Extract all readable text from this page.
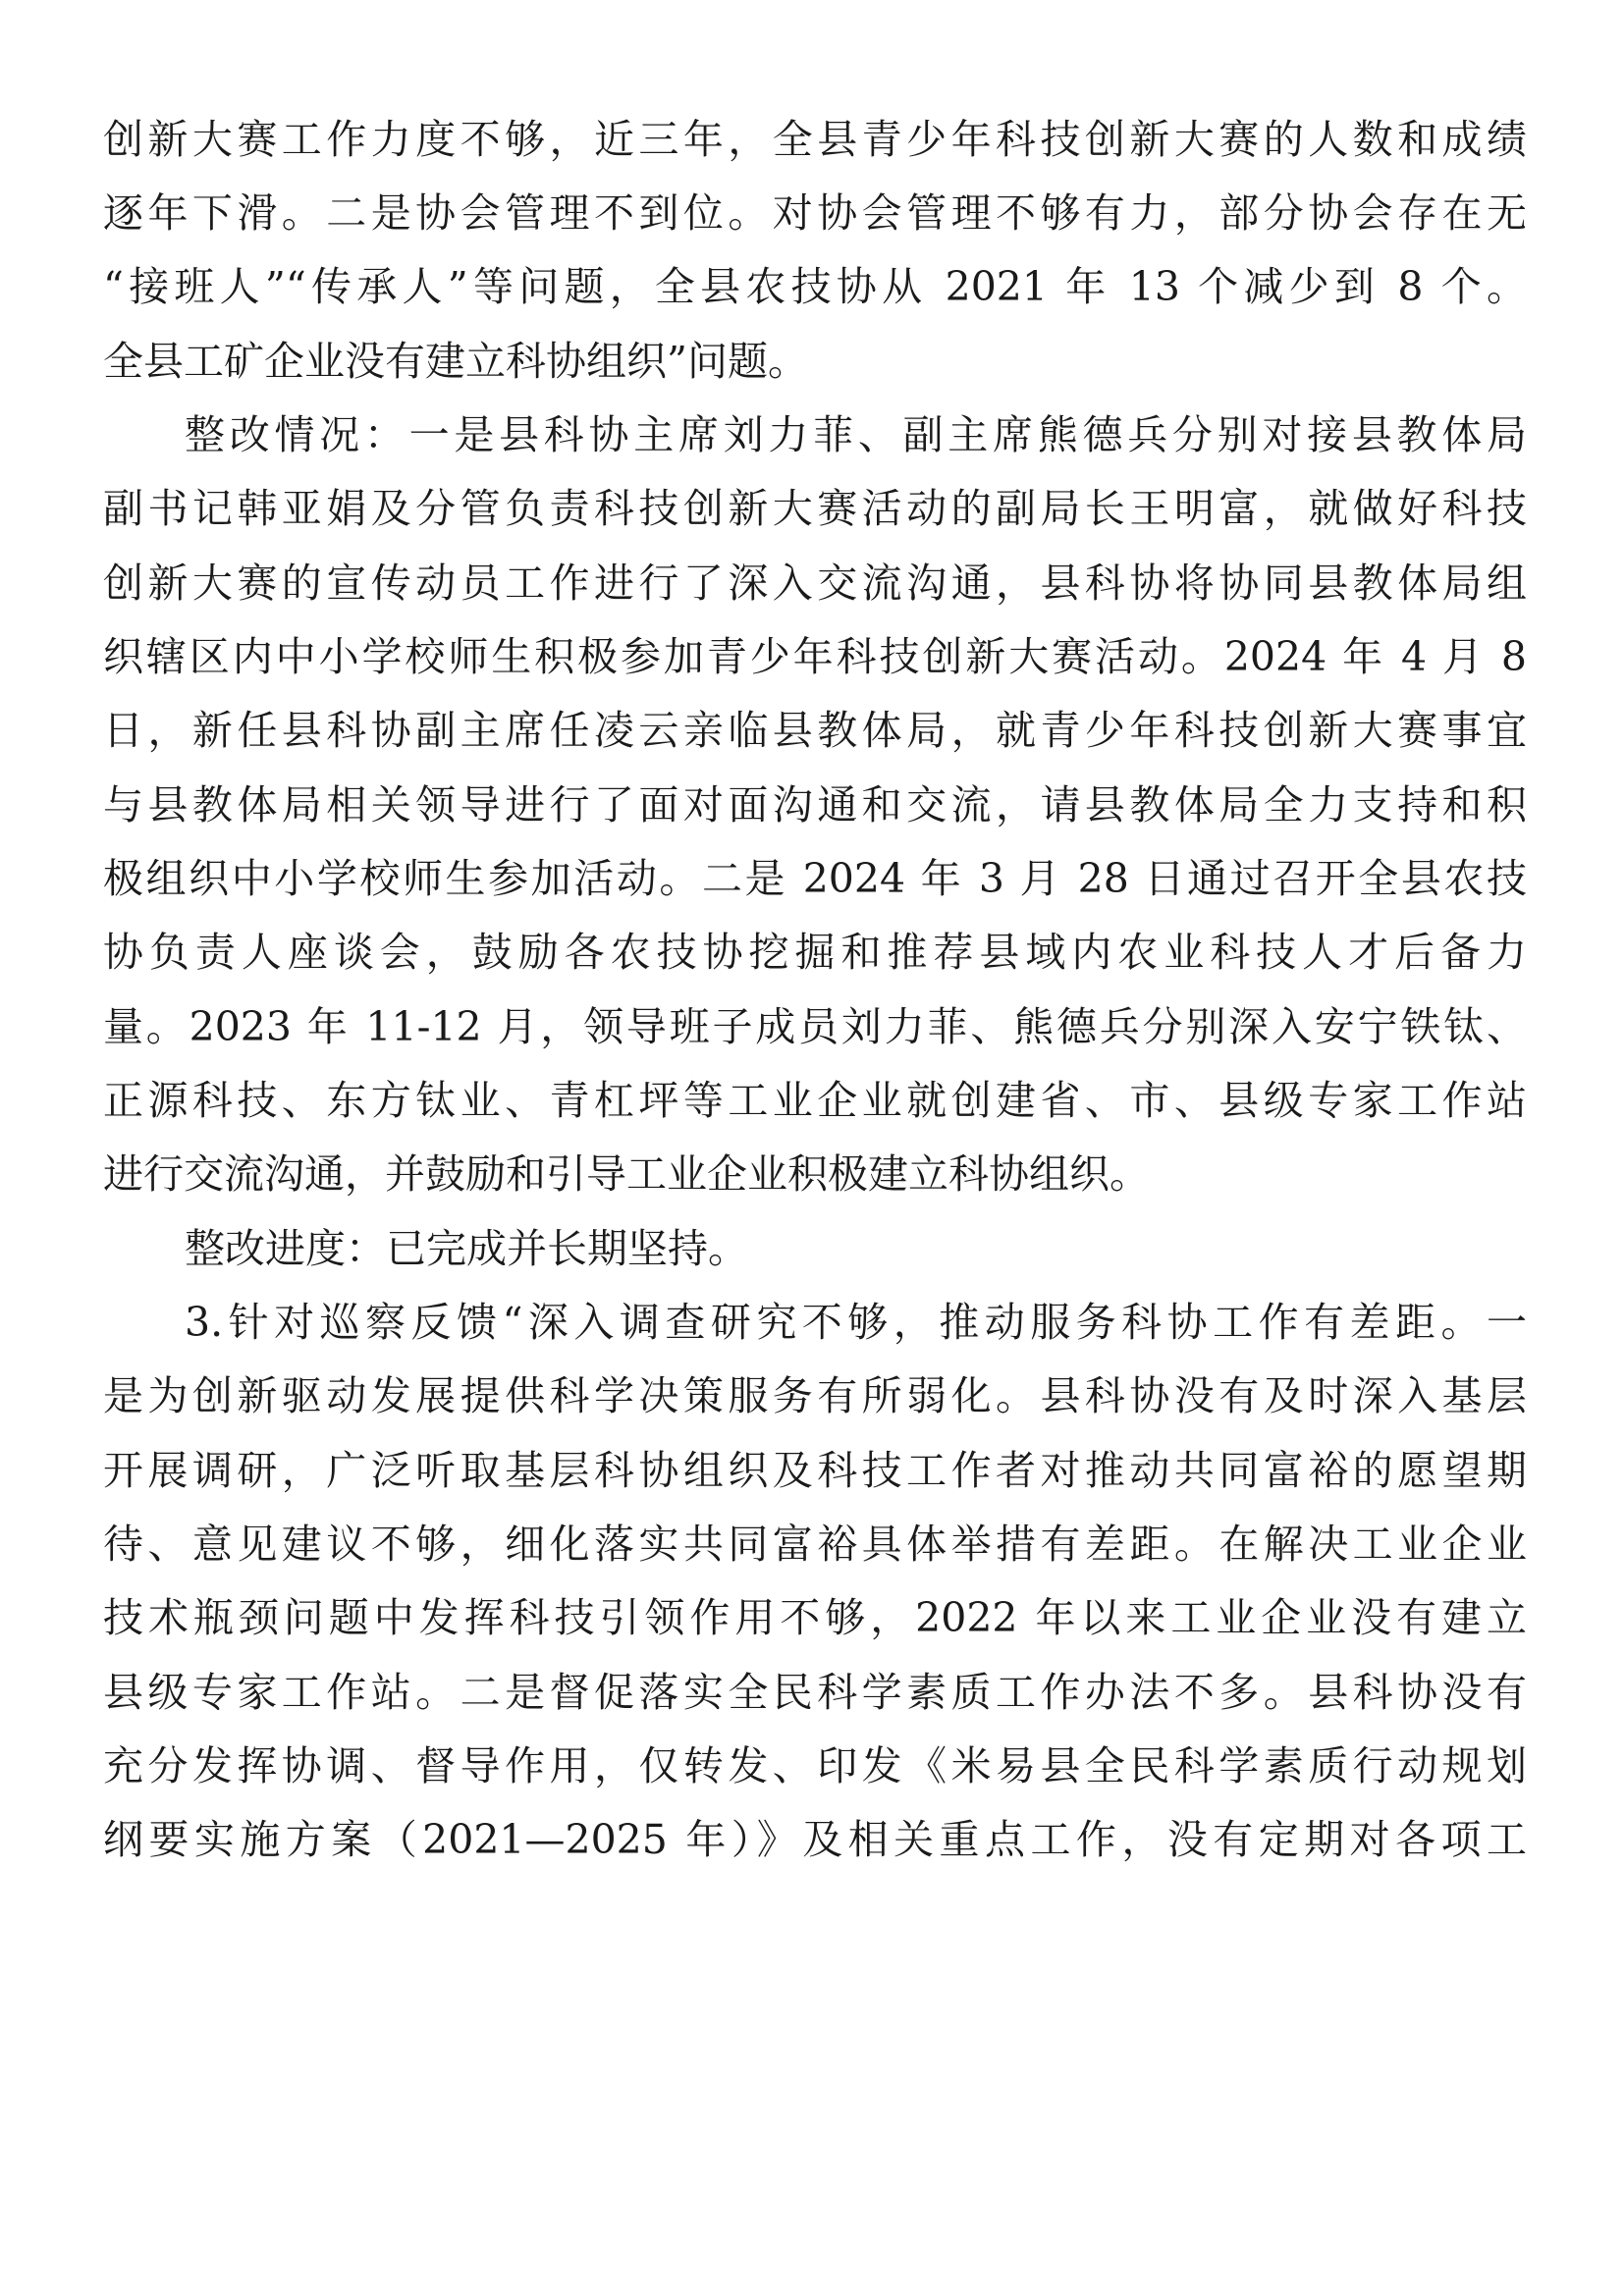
创新大赛工作力度不够，近三年，全县青少年科技创新大赛的人数和成绩

逐年下滑。二是协会管理不到位。对协会管理不够有力，部分协会存在无

“接班人”“传承人”等问题，全县农技协从 2021 年 13 个减少到 8 个。

全县工矿企业没有建立科协组织”问题。

整改情况：一是县科协主席刘力菲、副主席熊德兵分别对接县教体局

副书记韩亚娟及分管负责科技创新大赛活动的副局长王明富，就做好科技

创新大赛的宣传动员工作进行了深入交流沟通，县科协将协同县教体局组

织辖区内中小学校师生积极参加青少年科技创新大赛活动。2024 年 4 月 8

日，新任县科协副主席任凌云亲临县教体局，就青少年科技创新大赛事宜

与县教体局相关领导进行了面对面沟通和交流，请县教体局全力支持和积

极组织中小学校师生参加活动。二是 2024 年 3 月 28 日通过召开全县农技

协负责人座谈会，鼓励各农技协挖掘和推荐县域内农业科技人才后备力

量。2023 年 11-12 月，领导班子成员刘力菲、熊德兵分别深入安宁铁钛、

正源科技、东方钛业、青杠坪等工业企业就创建省、市、县级专家工作站

进行交流沟通，并鼓励和引导工业企业积极建立科协组织。

整改进度：已完成并长期坚持。

3.针对巡察反馈“深入调查研究不够，推动服务科协工作有差距。一

是为创新驱动发展提供科学决策服务有所弱化。县科协没有及时深入基层

开展调研，广泛听取基层科协组织及科技工作者对推动共同富裕的愿望期

待、意见建议不够，细化落实共同富裕具体举措有差距。在解决工业企业

技术瓶颈问题中发挥科技引领作用不够，2022 年以来工业企业没有建立

县级专家工作站。二是督促落实全民科学素质工作办法不多。县科协没有

充分发挥协调、督导作用，仅转发、印发《米易县全民科学素质行动规划

纲要实施方案（2021—2025 年）》及相关重点工作，没有定期对各项工
